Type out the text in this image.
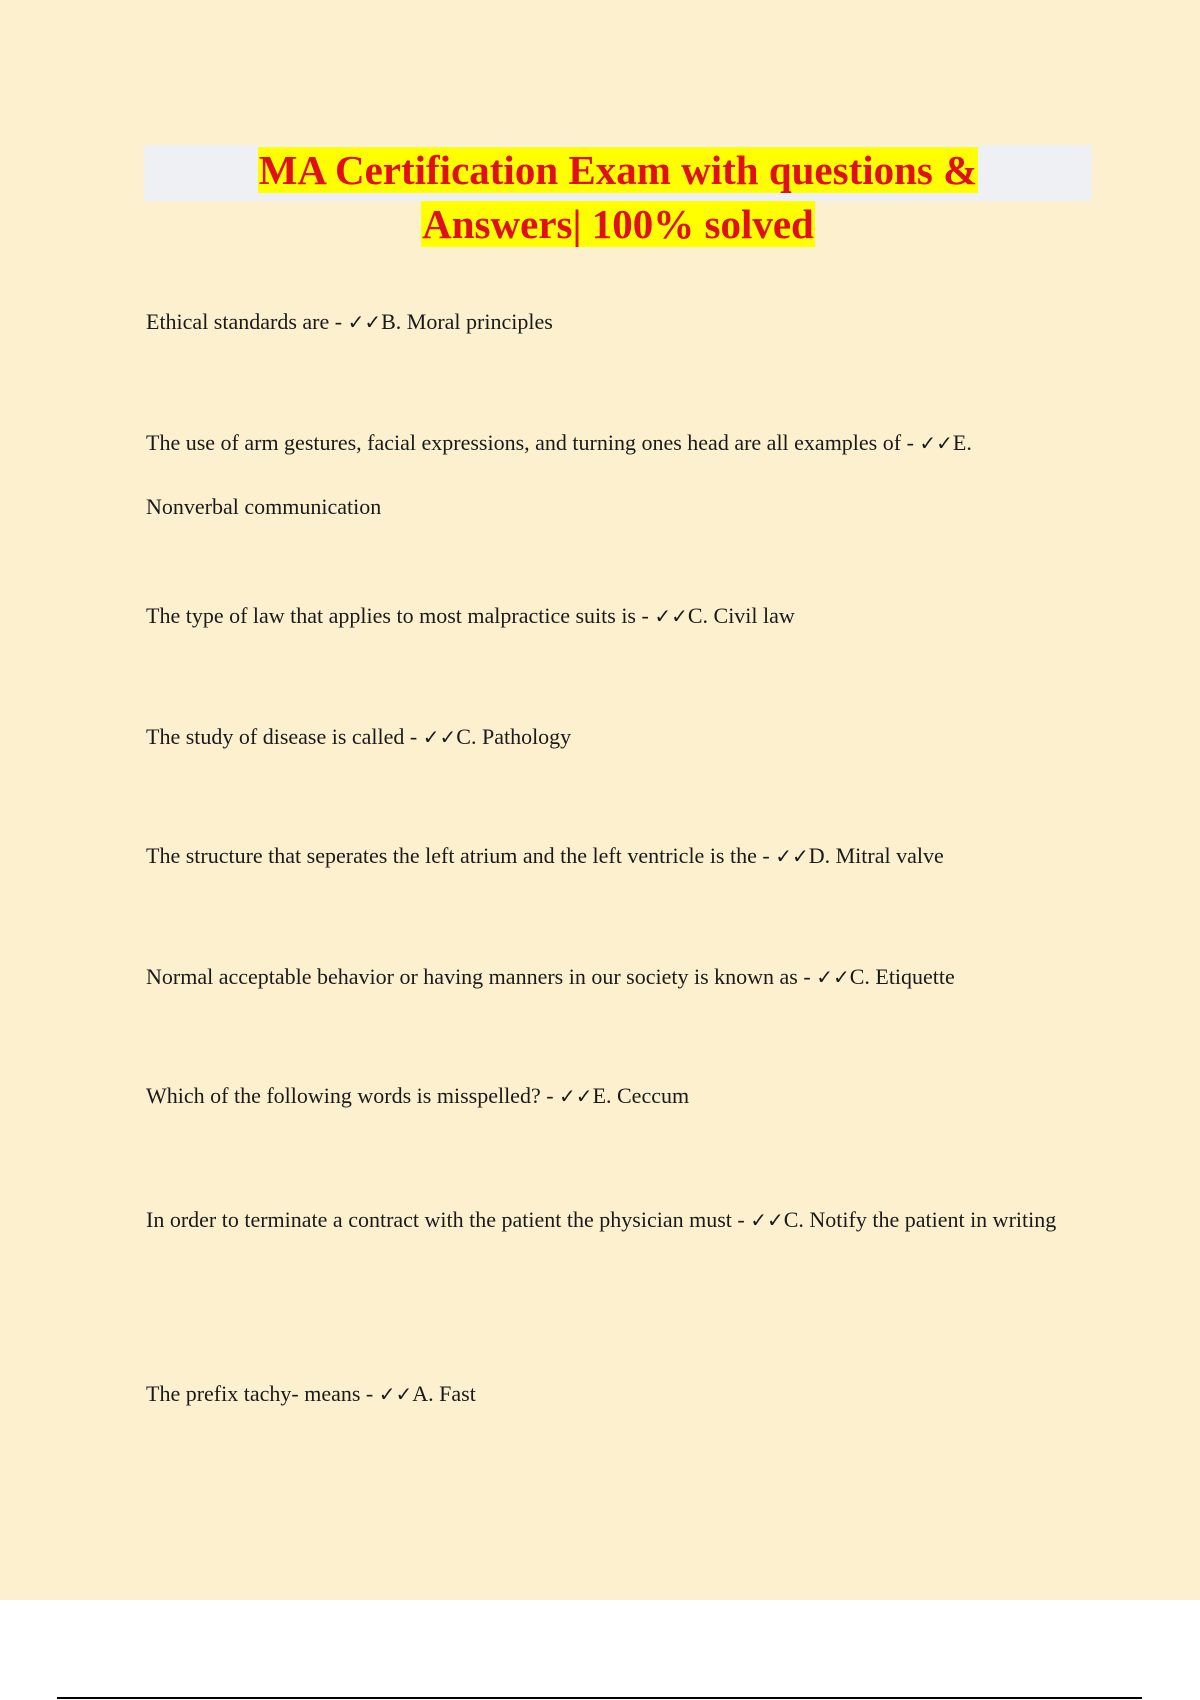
MA Certification Exam with questions &
Answers| 100% solved

Ethical standards are - ✓✓B. Moral principles

The use of arm gestures, facial expressions, and turning ones head are all examples of - ✓✓E. Nonverbal communication

The type of law that applies to most malpractice suits is - ✓✓C. Civil law

The study of disease is called - ✓✓C. Pathology

The structure that seperates the left atrium and the left ventricle is the - ✓✓D. Mitral valve

Normal acceptable behavior or having manners in our society is known as - ✓✓C. Etiquette

Which of the following words is misspelled? - ✓✓E. Ceccum

In order to terminate a contract with the patient the physician must - ✓✓C. Notify the patient in writing

The prefix tachy- means - ✓✓A. Fast
